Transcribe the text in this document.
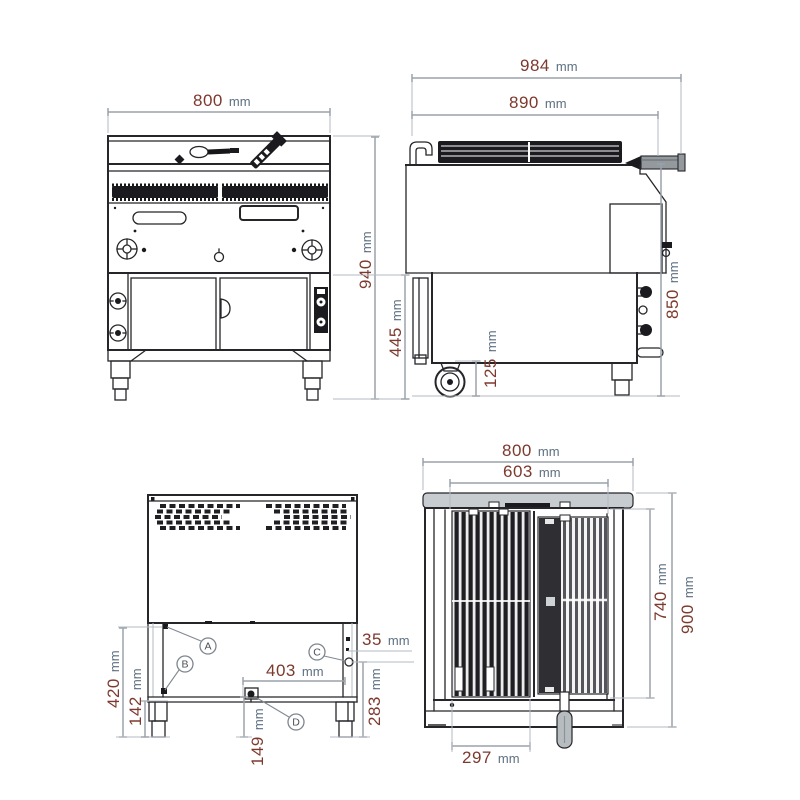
800 mm
940mm
445mm
984 mm
890 mm
850mm
125mm
A
B
C
D
420mm
142mm	403 mm
283mm
35 mm
149mm
800 mm
603 mm
740mm
900mm
297 mm
